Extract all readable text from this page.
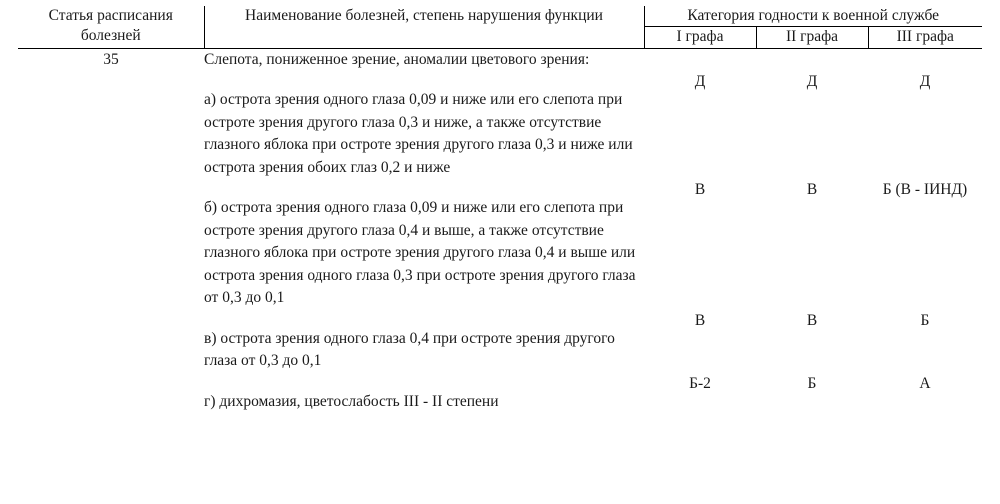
Статья расписания болезней	Наименование болезней, степень нарушения функции	Категория годности к военной службе		
		I графа	II графа	III графа

35	Слепота, пониженное зрение, аномалии цветового зрения:			
	а) острота зрения одного глаза 0,09 и ниже или его слепота при остроте зрения другого глаза 0,3 и ниже, а также отсутствие глазного яблока при остроте зрения другого глаза 0,3 и ниже или острота зрения обоих глаз 0,2 и ниже	Д	Д	Д
	б) острота зрения одного глаза 0,09 и ниже или его слепота при остроте зрения другого глаза 0,4 и выше, а также отсутствие глазного яблока при остроте зрения другого глаза 0,4 и выше или острота зрения одного глаза 0,3 при остроте зрения другого глаза от 0,3 до 0,1	В	В	Б (В - ІИНД)
	в) острота зрения одного глаза 0,4 при остроте зрения другого глаза от 0,3 до 0,1	В	В	Б
	г) дихромазия, цветослабость III - II степени	Б-2	Б	А
